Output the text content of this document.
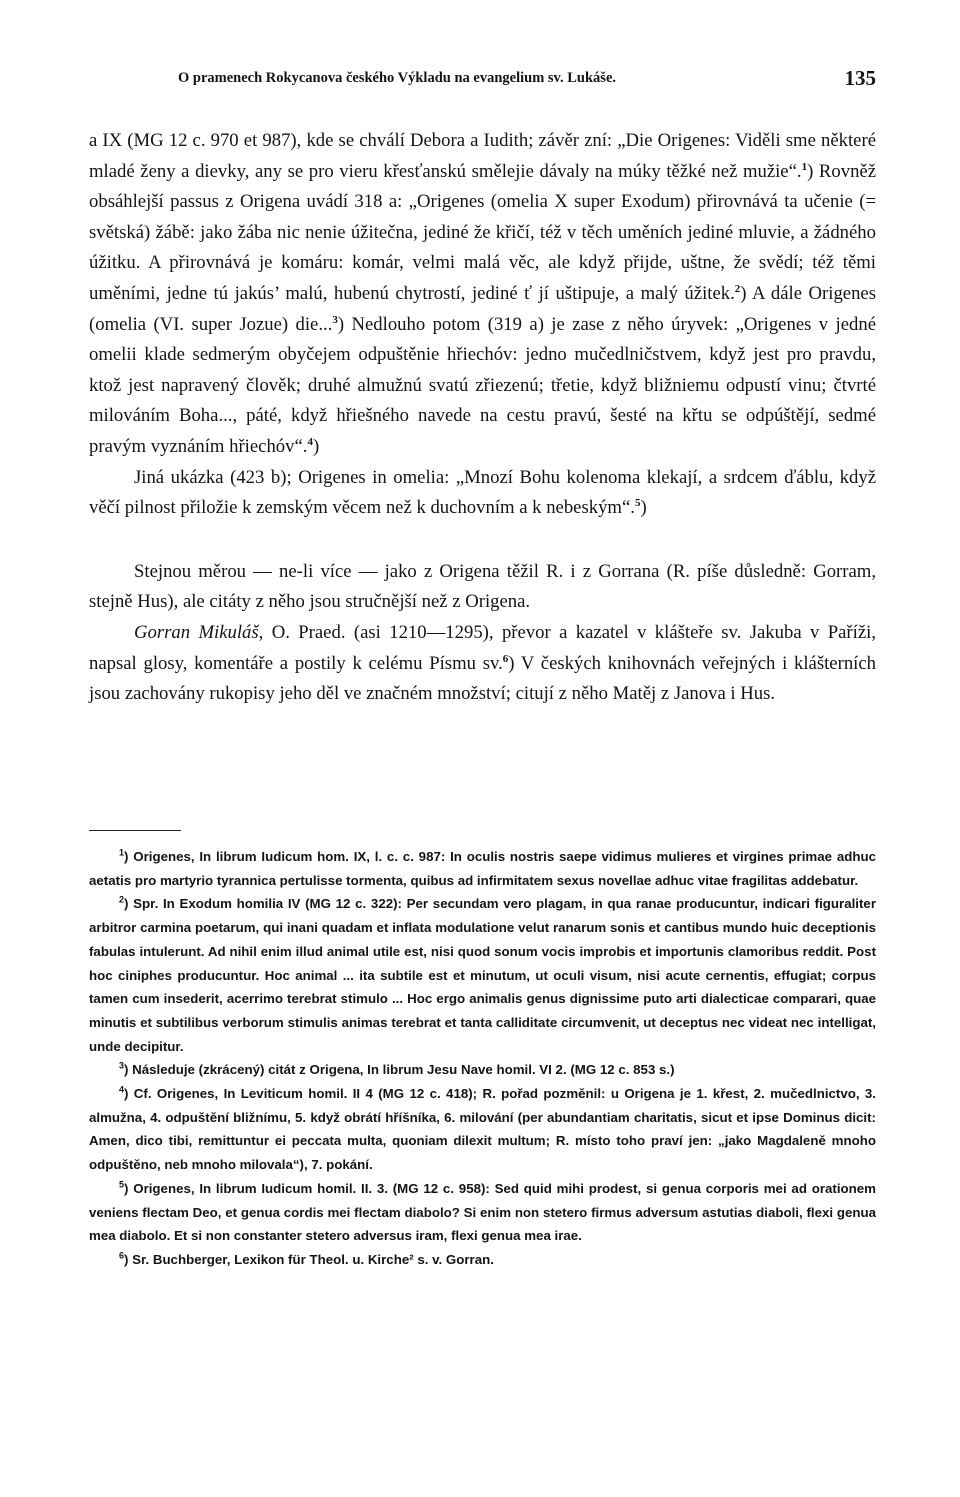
O pramenech Rokycanova českého Výkladu na evangelium sv. Lukáše.	135

a IX (MG 12 c. 970 et 987), kde se chválí Debora a Iudith; závěr zní: „Die Origenes: Viděli sme některé mladé ženy a dievky, any se pro vieru křesťanskú smělejie dávaly na múky těžké než mužie“.$^1$) Rovněž obsáhlejší passus z Origena uvádí 318 a: „Origenes (omelia X super Exodum) přirovnává ta učenie (= světská) žábě: jako žába nic nenie úžitečna, jediné že křičí, též v těch uměních jediné mluvie, a žádného úžitku. A přirovnává je komáru: komár, velmi malá věc, ale když přijde, uštne, že svědí; též těmi uměními, jedne tú jakús’ malú, hubenú chytrostí, jediné ť jí uštipuje, a malý úžitek.$^2$) A dále Origenes (omelia (VI. super Jozue) die...$^3$) Nedlouho potom (319 a) je zase z něho úryvek: „Origenes v jedné omelii klade sedmerým obyčejem odpuštěnie hřiechóv: jedno mučedlničstvem, když jest pro pravdu, ktož jest napravený člověk; druhé almužnú svatú zřiezenú; třetie, když bližniemu odpustí vinu; čtvrté milováním Boha..., páté, když hřiešného navede na cestu pravú, šesté na křtu se odpúštějí, sedmé pravým vyznáním hřiechóv“.$^4$)

Jiná ukázka (423 b); Origenes in omelia: „Mnozí Bohu kolenoma klekají, a srdcem ďáblu, když věčí pilnost přiložie k zemským věcem než k duchovním a k nebeským“.$^5$)

Stejnou měrou — ne-li více — jako z Origena těžil R. i z Gorrana (R. píše důsledně: Gorram, stejně Hus), ale citáty z něho jsou stručnější než z Origena.

Gorran Mikuláš, O. Praed. (asi 1210—1295), převor a kazatel v klášteře sv. Jakuba v Paříži, napsal glosy, komentáře a postily k celému Písmu sv.$^6$) V českých knihovnách veřejných i klášterních jsou zachovány rukopisy jeho děl ve značném množství; citují z něho Matěj z Janova i Hus.

$^1$) Origenes, In librum Iudicum hom. IX, l. c. c. 987: In oculis nostris saepe vidimus mulieres et virgines primae adhuc aetatis pro martyrio tyrannica pertulisse tormenta, quibus ad infirmitatem sexus novellae adhuc vitae fragilitas addebatur.

$^2$) Spr. In Exodum homilia IV (MG 12 c. 322): Per secundam vero plagam, in qua ranae producuntur, indicari figuraliter arbitror carmina poetarum, qui inani quadam et inflata modulatione velut ranarum sonis et cantibus mundo huic deceptionis fabulas intulerunt. Ad nihil enim illud animal utile est, nisi quod sonum vocis improbis et importunis clamoribus reddit. Post hoc ciniphes producuntur. Hoc animal ... ita subtile est et minutum, ut oculi visum, nisi acute cernentis, effugiat; corpus tamen cum insederit, acerrimo terebrat stimulo ... Hoc ergo animalis genus dignissime puto arti dialecticae comparari, quae minutis et subtilibus verborum stimulis animas terebrat et tanta calliditate circumvenit, ut deceptus nec videat nec intelligat, unde decipitur.

$^3$) Následuje (zkrácený) citát z Origena, In librum Jesu Nave homil. VI 2. (MG 12 c. 853 s.)

$^4$) Cf. Origenes, In Leviticum homil. II 4 (MG 12 c. 418); R. pořad pozměnil: u Origena je 1. křest, 2. mučedlnictvo, 3. almužna, 4. odpuštění bližnímu, 5. když obrátí hříšníka, 6. milování (per abundantiam charitatis, sicut et ipse Dominus dicit: Amen, dico tibi, remittuntur ei peccata multa, quoniam dilexit multum; R. místo toho praví jen: „jako Magdaleně mnoho odpuštěno, neb mnoho milovala“), 7. pokání.

$^5$) Origenes, In librum Iudicum homil. II. 3. (MG 12 c. 958): Sed quid mihi prodest, si genua corporis mei ad orationem veniens flectam Deo, et genua cordis mei flectam diabolo? Si enim non stetero firmus adversum astutias diaboli, flexi genua mea diabolo. Et si non constanter stetero adversus iram, flexi genua mea irae.

$^6$) Sr. Buchberger, Lexikon für Theol. u. Kirche² s. v. Gorran.
